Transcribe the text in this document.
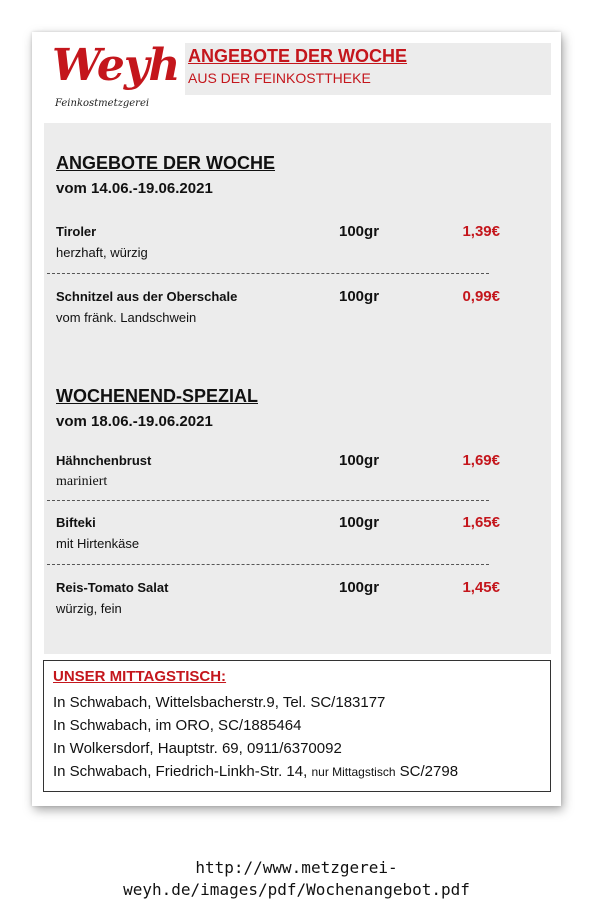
Weyh
Feinkostmetzgerei
ANGEBOTE DER WOCHE
AUS DER FEINKOSTTHEKE
ANGEBOTE DER WOCHE
vom 14.06.-19.06.2021
Tiroler
herzhaft, würzig
100gr	1,39€
Schnitzel aus der Oberschale
vom fränk. Landschwein
100gr	0,99€
WOCHENEND-SPEZIAL
vom 18.06.-19.06.2021
Hähnchenbrust
mariniert
100gr	1,69€
Bifteki
mit Hirtenkäse
100gr	1,65€
Reis-Tomato Salat
würzig, fein
100gr	1,45€
UNSER MITTAGSTISCH:
In Schwabach, Wittelsbacherstr.9, Tel. SC/183177
In Schwabach, im ORO, SC/1885464
In Wolkersdorf, Hauptstr. 69, 0911/6370092
In Schwabach, Friedrich-Linkh-Str. 14, nur Mittagstisch SC/2798
http://www.metzgerei-
weyh.de/images/pdf/Wochenangebot.pdf
